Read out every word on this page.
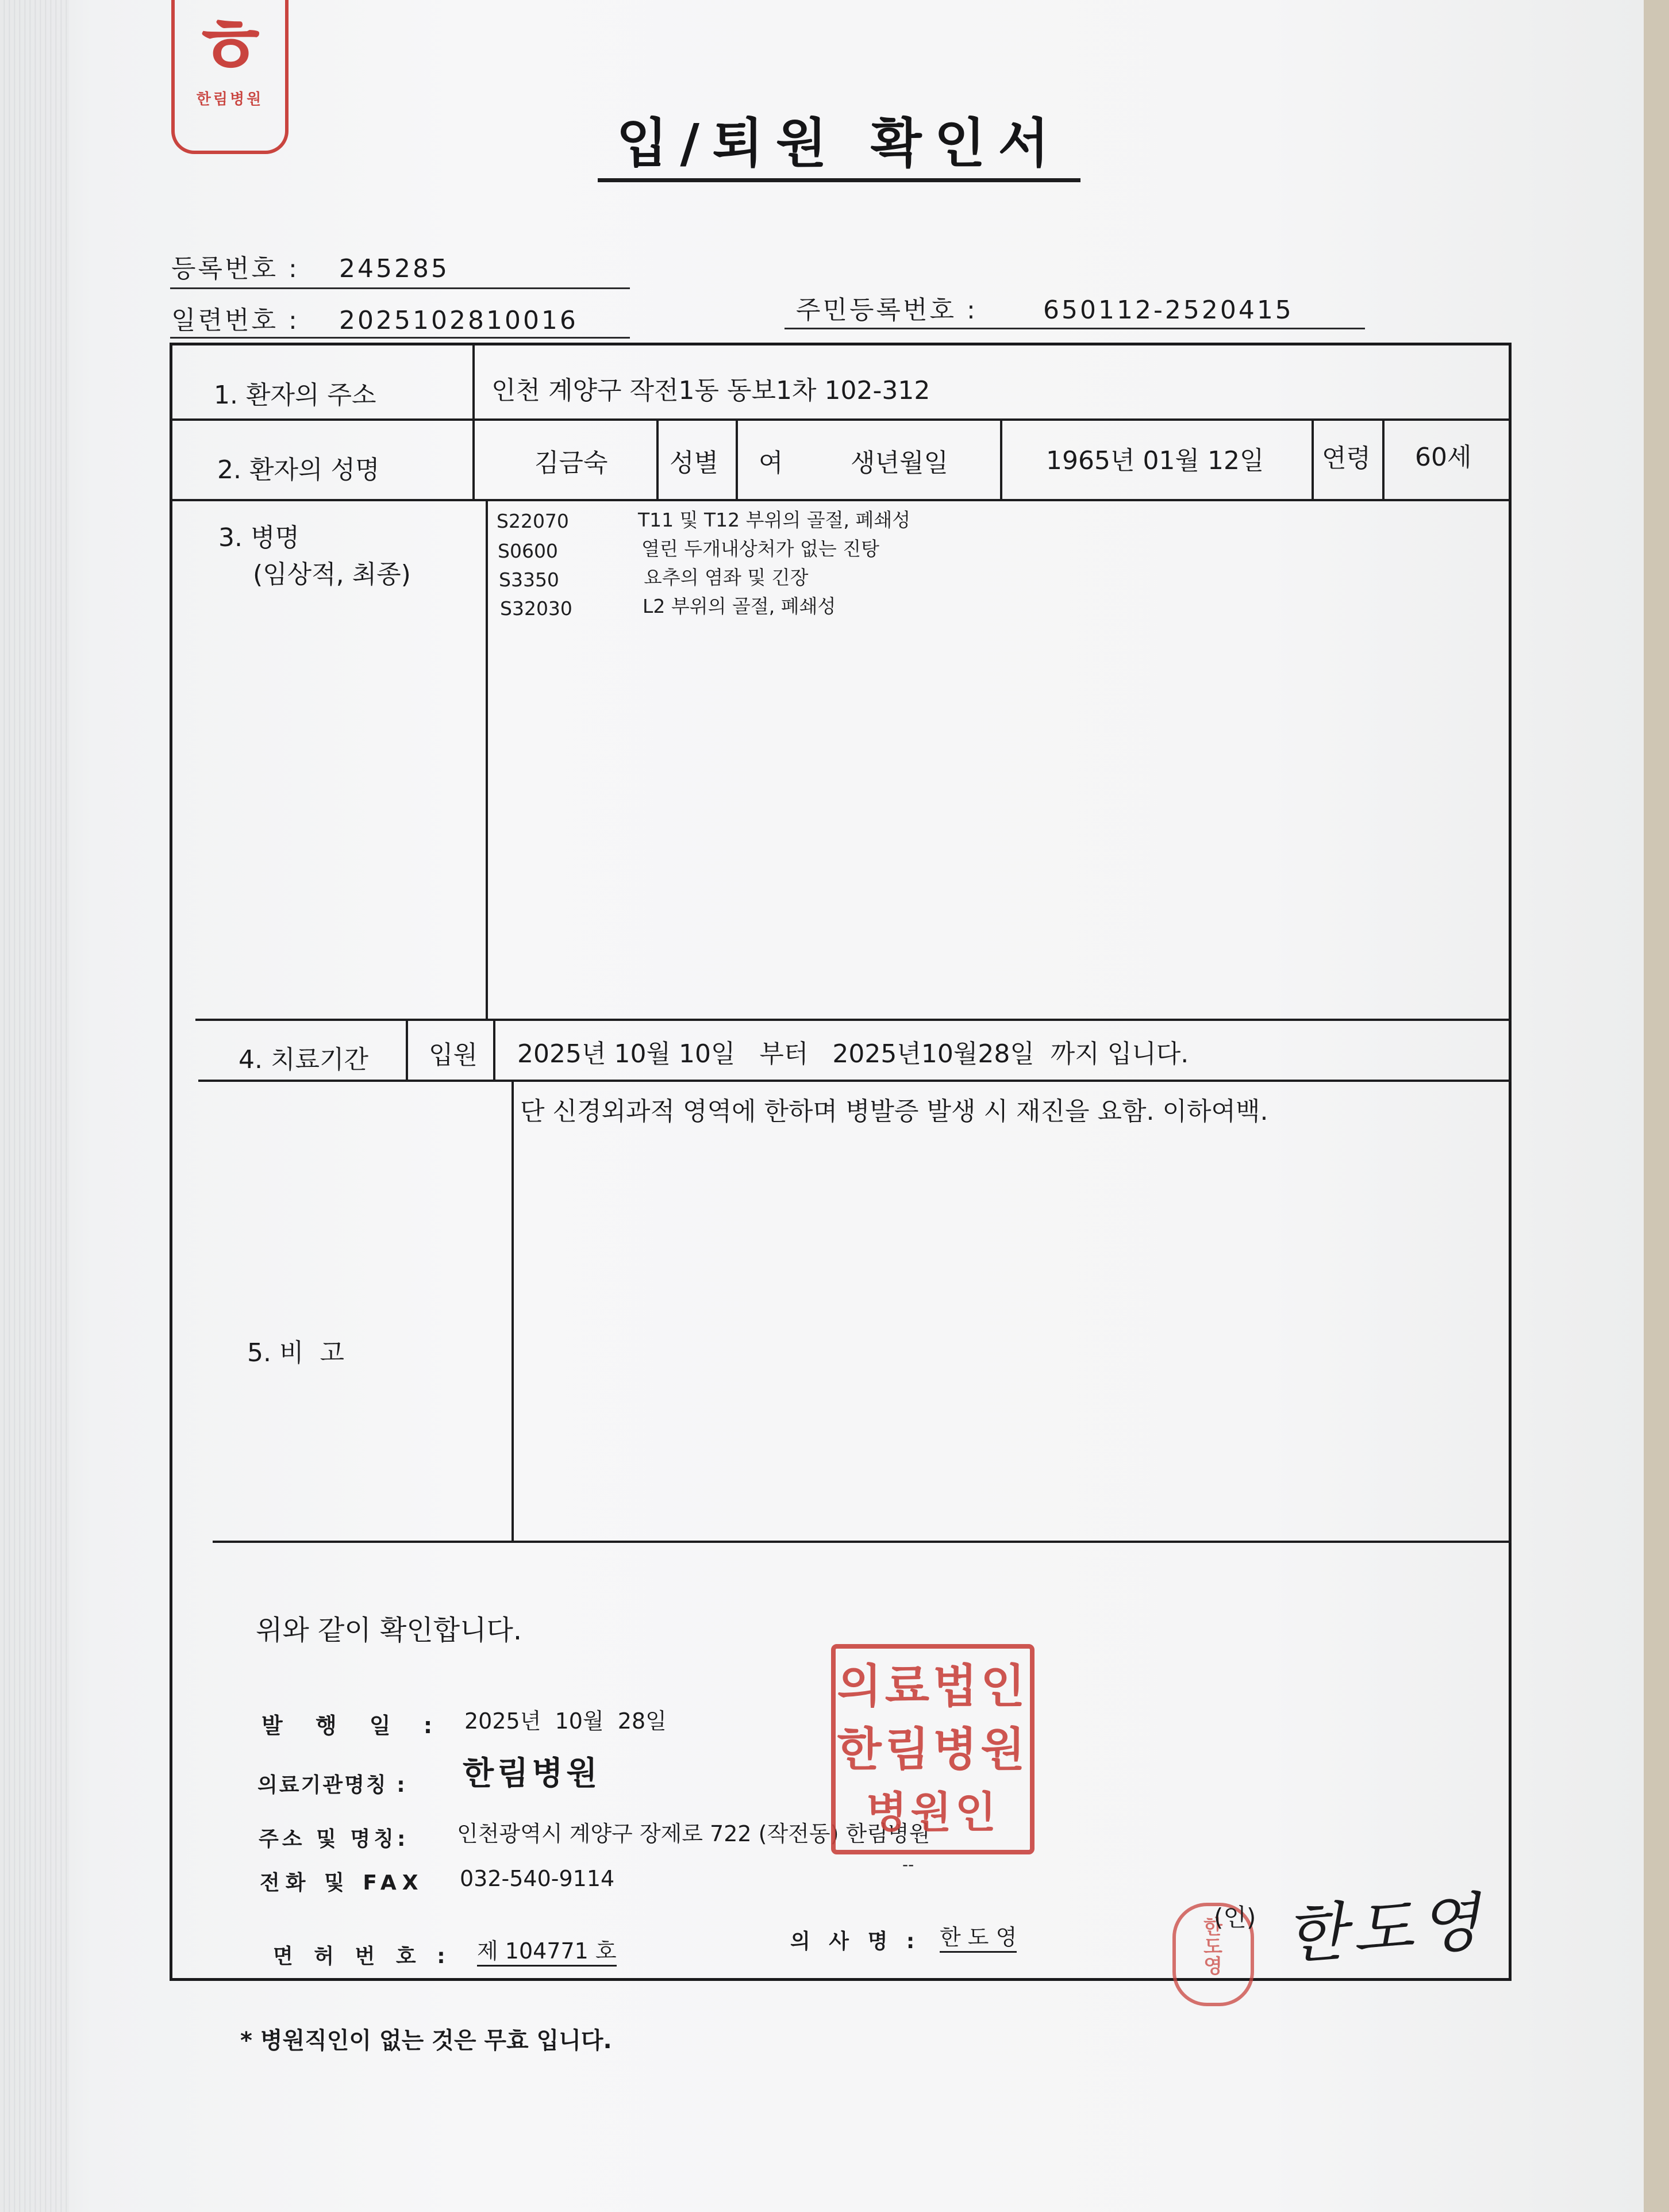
ㅎ
한림병원
입/퇴원 확인서
등록번호 : 245285
일련번호 : 2025102810016	주민등록번호 :	650112-2520415
1. 환자의 주소	인천 계양구 작전1동 동보1차 102-312
2. 환자의 성명	김금숙 성별 여	생년월일	1965년 01월 12일 연령 60세
3. 병명
(임상적, 최종)
S22070	T11 및 T12 부위의 골절, 폐쇄성
S0600	열린 두개내상처가 없는 진탕
S3350	요추의 염좌 및 긴장
S32030	L2 부위의 골절, 폐쇄성
4. 치료기간 입원 2025년 10월 10일   부터   2025년10월28일  까지 입니다.
5. 비  고
단 신경외과적 영역에 한하며 병발증 발생 시 재진을 요함. 이하여백.
위와 같이 확인합니다.
발 행 일 : 2025년  10월  28일
의료기관명칭 : 한림병원
주소 및 명칭: 인천광역시 계양구 장제로 722 (작전동) 한림병원
--
전화 및 FAX 032-540-9114
면 허 번 호 : 제 104771 호	의 사 명 : 한 도 영
의료법인
한림병원
병원인
한도영
(인) 한도영
* 병원직인이 없는 것은 무효 입니다.
